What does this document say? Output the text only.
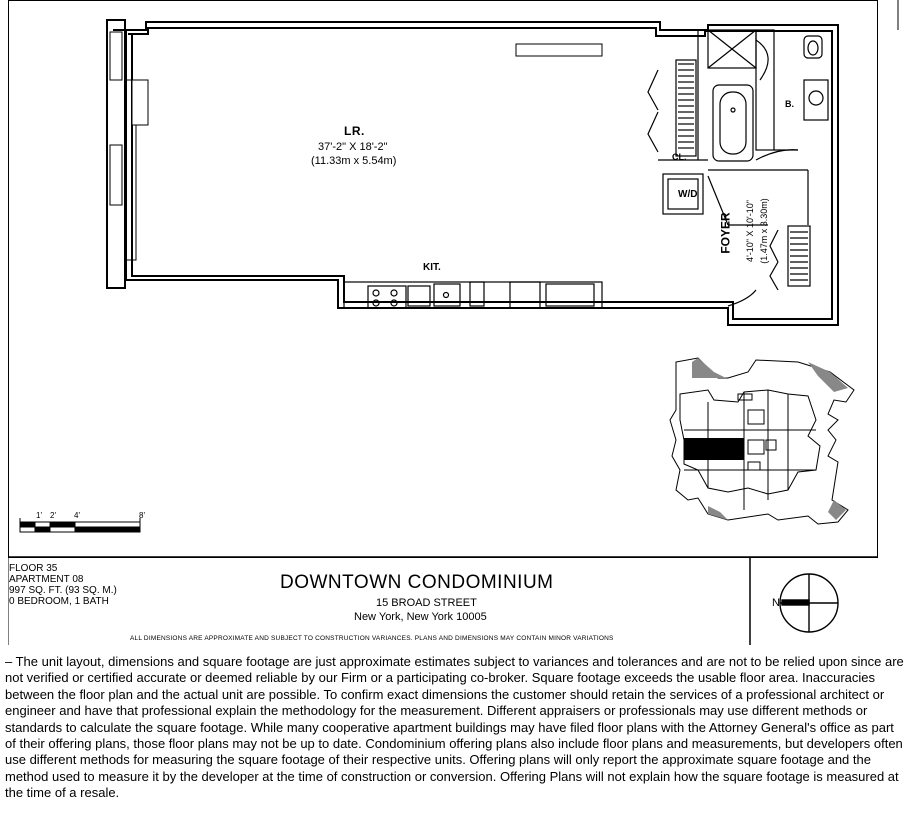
LR.
37'-2" X 18'-2"
(11.33m x 5.54m)
KIT.
W/D
CL.
B.
FOYER 4'-10" X 10'-10" (1.47m x 3.30m)
1' 2' 4'	8'
N
FLOOR 35
APARTMENT 08
997 SQ. FT. (93 SQ. M.)
0 BEDROOM, 1 BATH
DOWNTOWN CONDOMINIUM
15 BROAD STREET
New York, New York 10005
ALL DIMENSIONS ARE APPROXIMATE AND SUBJECT TO CONSTRUCTION VARIANCES. PLANS AND DIMENSIONS MAY CONTAIN MINOR VARIATIONS
– The unit layout, dimensions and square footage are just approximate estimates subject to variances and tolerances and are not to be relied upon since are not verified or certified accurate or deemed reliable by our Firm or a participating co-broker. Square footage exceeds the usable floor area. Inaccuracies between the floor plan and the actual unit are possible. To confirm exact dimensions the customer should retain the services of a professional architect or engineer and have that professional explain the methodology for the measurement. Different appraisers or professionals may use different methods or standards to calculate the square footage. While many cooperative apartment buildings may have filed floor plans with the Attorney General's office as part of their offering plans, those floor plans may not be up to date. Condominium offering plans also include floor plans and measurements, but developers often use different methods for measuring the square footage of their respective units. Offering plans will only report the approximate square footage and the method used to measure it by the developer at the time of construction or conversion. Offering Plans will not explain how the square footage is measured at the time of a resale.
